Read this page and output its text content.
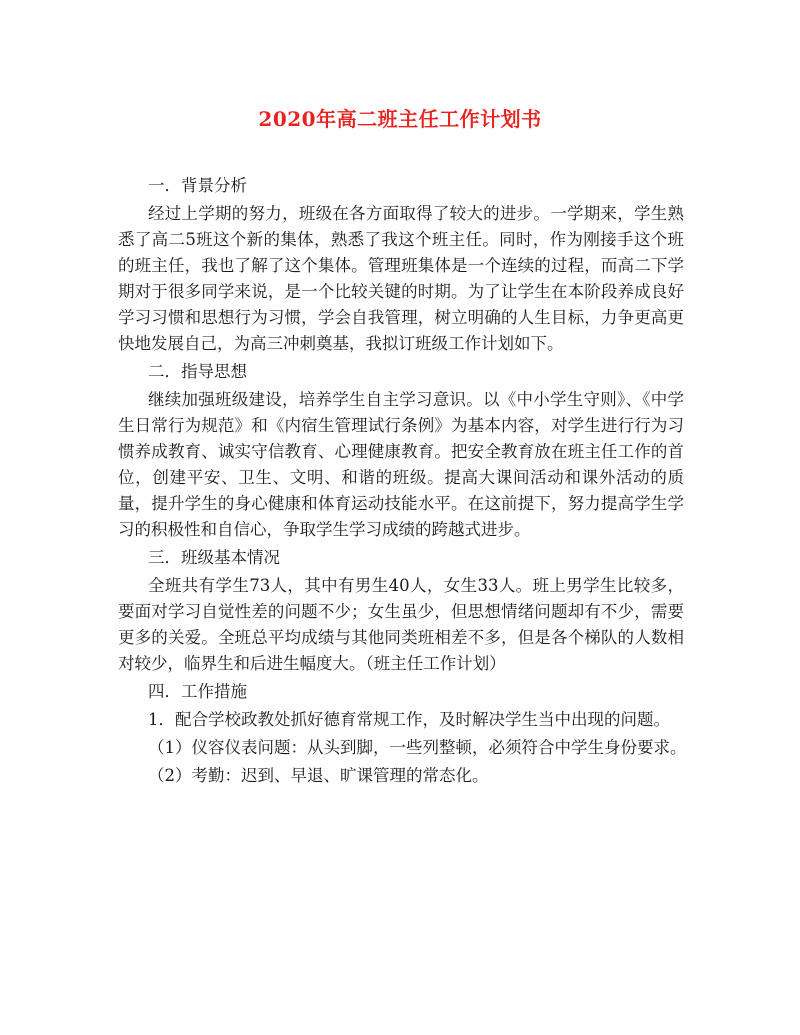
2020年高二班主任工作计划书

一．背景分析

经过上学期的努力，班级在各方面取得了较大的进步。一学期来，学生熟悉了高二5班这个新的集体，熟悉了我这个班主任。同时，作为刚接手这个班的班主任，我也了解了这个集体。管理班集体是一个连续的过程，而高二下学期对于很多同学来说，是一个比较关键的时期。为了让学生在本阶段养成良好学习习惯和思想行为习惯，学会自我管理，树立明确的人生目标，力争更高更快地发展自己，为高三冲刺奠基，我拟订班级工作计划如下。

二．指导思想

继续加强班级建设，培养学生自主学习意识。以《中小学生守则》、《中学生日常行为规范》和《内宿生管理试行条例》为基本内容，对学生进行行为习惯养成教育、诚实守信教育、心理健康教育。把安全教育放在班主任工作的首位，创建平安、卫生、文明、和谐的班级。提高大课间活动和课外活动的质量，提升学生的身心健康和体育运动技能水平。在这前提下，努力提高学生学习的积极性和自信心，争取学生学习成绩的跨越式进步。

三．班级基本情况

全班共有学生73人，其中有男生40人，女生33人。班上男学生比较多，要面对学习自觉性差的问题不少；女生虽少，但思想情绪问题却有不少，需要更多的关爱。全班总平均成绩与其他同类班相差不多，但是各个梯队的人数相对较少，临界生和后进生幅度大。（班主任工作计划）

四．工作措施

1．配合学校政教处抓好德育常规工作，及时解决学生当中出现的问题。

（1）仪容仪表问题：从头到脚，一些列整顿，必须符合中学生身份要求。

（2）考勤：迟到、早退、旷课管理的常态化。
